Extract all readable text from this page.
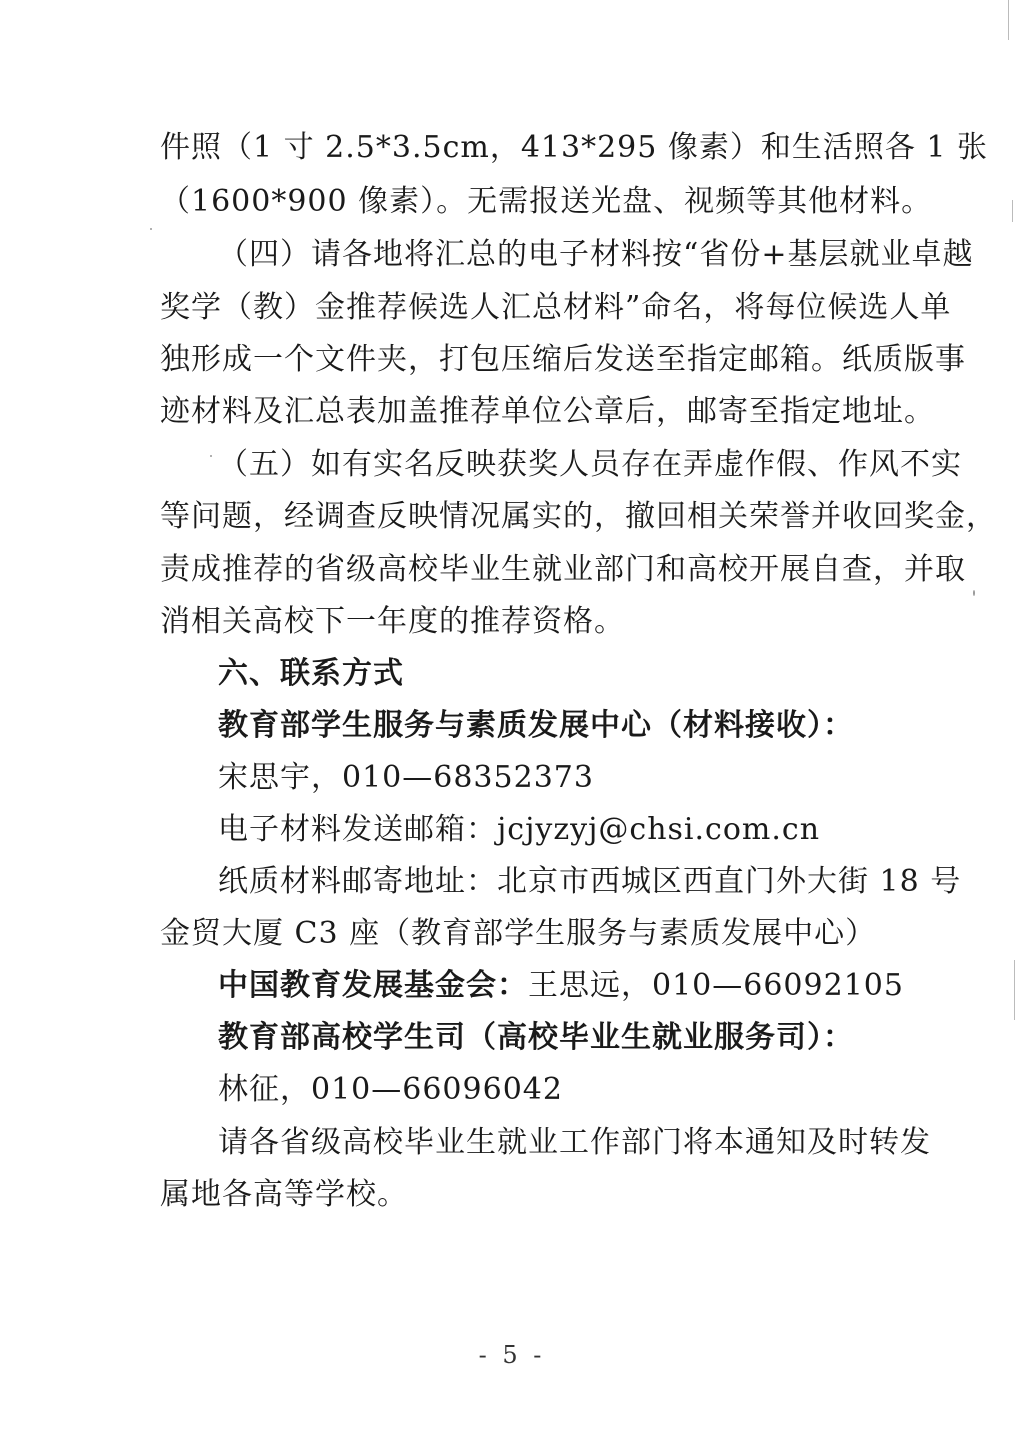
件照（1 寸 2.5*3.5cm，413*295 像素）和生活照各 1 张
（1600*900 像素）。无需报送光盘、视频等其他材料。
（四）请各地将汇总的电子材料按“省份+基层就业卓越
奖学（教）金推荐候选人汇总材料”命名，将每位候选人单
独形成一个文件夹，打包压缩后发送至指定邮箱。纸质版事
迹材料及汇总表加盖推荐单位公章后，邮寄至指定地址。
（五）如有实名反映获奖人员存在弄虚作假、作风不实
等问题，经调查反映情况属实的，撤回相关荣誉并收回奖金，
责成推荐的省级高校毕业生就业部门和高校开展自查，并取
消相关高校下一年度的推荐资格。
六、联系方式
教育部学生服务与素质发展中心（材料接收）：
宋思宇，010—68352373
电子材料发送邮箱：jcjyzyj@chsi.com.cn
纸质材料邮寄地址：北京市西城区西直门外大街 18 号
金贸大厦 C3 座（教育部学生服务与素质发展中心）
中国教育发展基金会：王思远，010—66092105
教育部高校学生司（高校毕业生就业服务司）：
林征，010—66096042
请各省级高校毕业生就业工作部门将本通知及时转发
属地各高等学校。
- 5 -
